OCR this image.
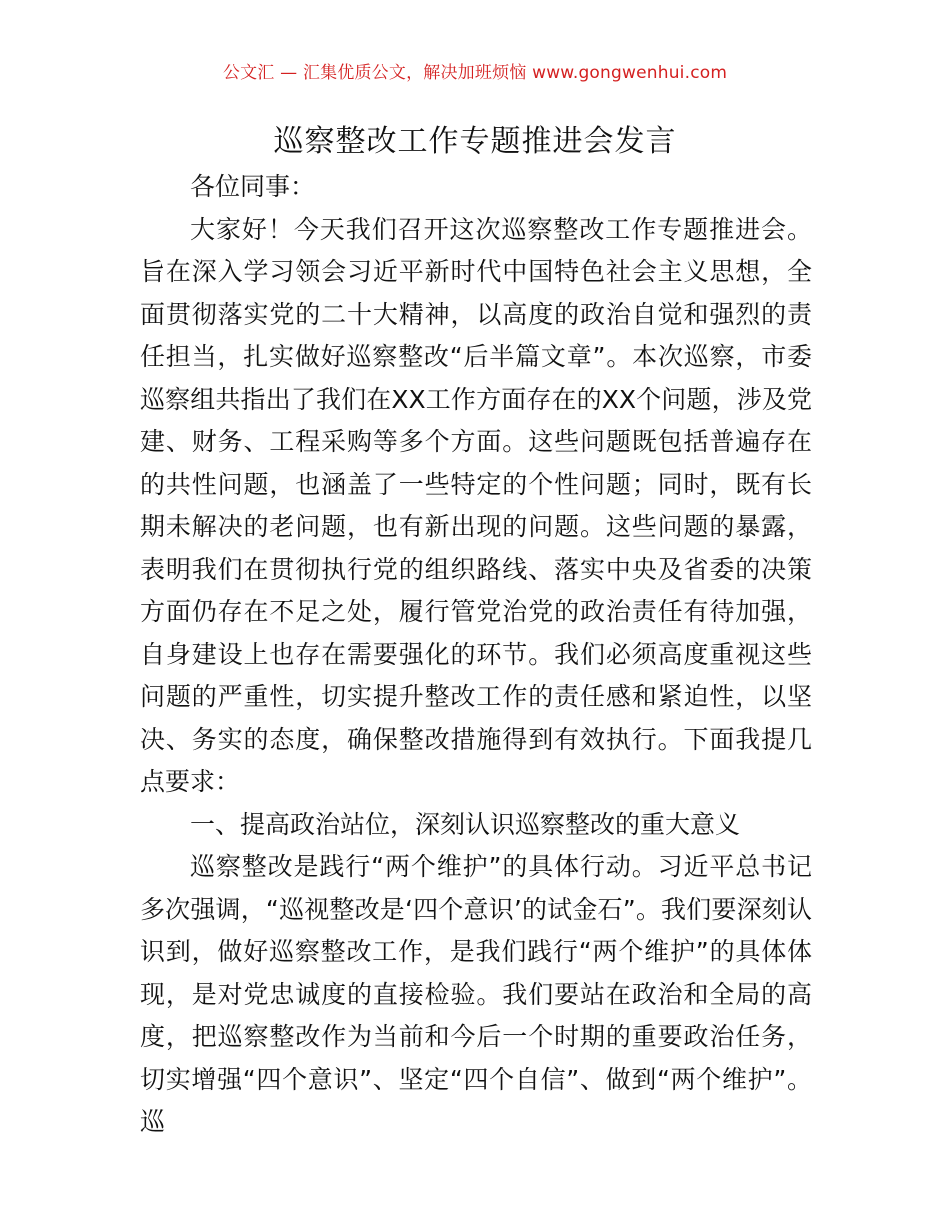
公文汇 — 汇集优质公文，解决加班烦恼 www.gongwenhui.com
巡察整改工作专题推进会发言

各位同事：

大家好！今天我们召开这次巡察整改工作专题推进会。旨在深入学习领会习近平新时代中国特色社会主义思想，全面贯彻落实党的二十大精神，以高度的政治自觉和强烈的责任担当，扎实做好巡察整改“后半篇文章”。本次巡察，市委巡察组共指出了我们在XX工作方面存在的XX个问题，涉及党建、财务、工程采购等多个方面。这些问题既包括普遍存在的共性问题，也涵盖了一些特定的个性问题；同时，既有长期未解决的老问题，也有新出现的问题。这些问题的暴露，表明我们在贯彻执行党的组织路线、落实中央及省委的决策方面仍存在不足之处，履行管党治党的政治责任有待加强，自身建设上也存在需要强化的环节。我们必须高度重视这些问题的严重性，切实提升整改工作的责任感和紧迫性，以坚决、务实的态度，确保整改措施得到有效执行。下面我提几点要求：

一、提高政治站位，深刻认识巡察整改的重大意义

巡察整改是践行“两个维护”的具体行动。习近平总书记多次强调，“巡视整改是‘四个意识’的试金石”。我们要深刻认识到，做好巡察整改工作，是我们践行“两个维护”的具体体现，是对党忠诚度的直接检验。我们要站在政治和全局的高度，把巡察整改作为当前和今后一个时期的重要政治任务，切实增强“四个意识”、坚定“四个自信”、做到“两个维护”。巡
